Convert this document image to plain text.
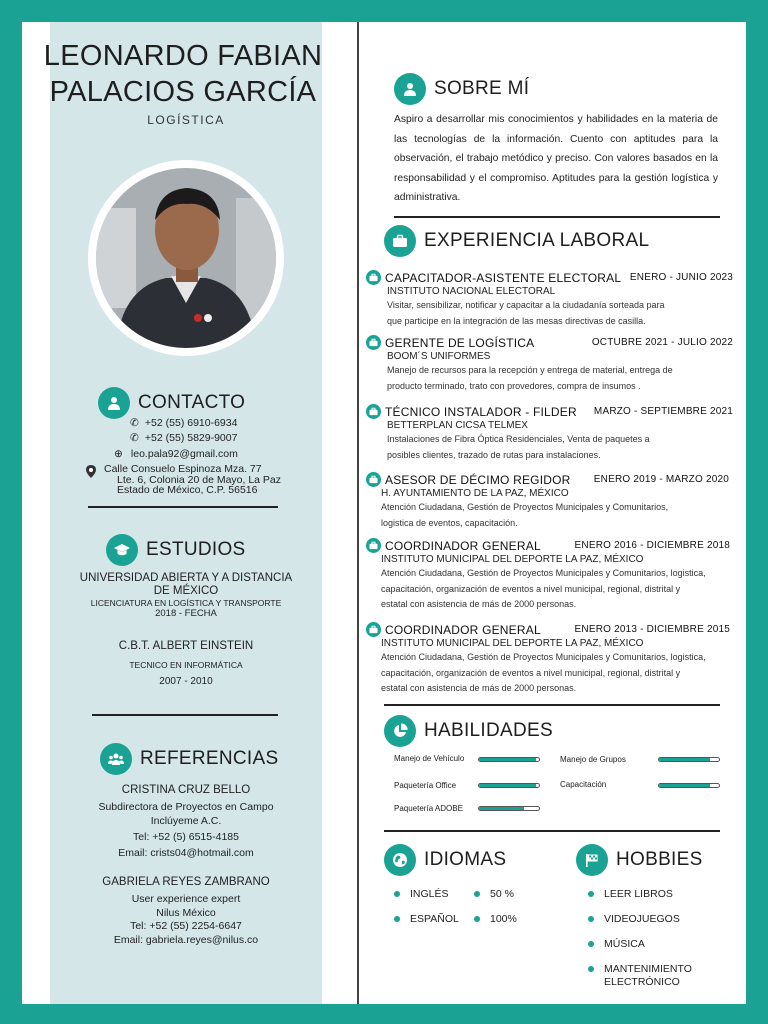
LEONARDO FABIAN
PALACIOS GARCÍA
LOGÍSTICA
CONTACTO
✆ +52 (55) 6910-6934
✆ +52 (55) 5829-9007
⊕ leo.pala92@gmail.com
Calle Consuelo Espinoza Mza. 77
Lte. 6, Colonia 20 de Mayo, La Paz
Estado de México, C.P. 56516
ESTUDIOS
UNIVERSIDAD ABIERTA Y A DISTANCIA
DE MÉXICO
LICENCIATURA EN LOGÍSTICA Y TRANSPORTE
2018 - FECHA
C.B.T. ALBERT EINSTEIN
TECNICO EN INFORMÁTICA
2007 - 2010
REFERENCIAS
CRISTINA CRUZ BELLO
Subdirectora de Proyectos en Campo
Inclúyeme A.C.
Tel: +52 (5) 6515-4185
Email: crists04@hotmail.com
GABRIELA REYES ZAMBRANO
User experience expert
Nilus México
Tel: +52 (55) 2254-6647
Email: gabriela.reyes@nilus.co
SOBRE MÍ
Aspiro a desarrollar mis conocimientos y habilidades en la materia de las tecnologías de la información. Cuento con aptitudes para la observación, el trabajo metódico y preciso. Con valores basados en la responsabilidad y el compromiso. Aptitudes para la gestión logística y administrativa.
EXPERIENCIA LABORAL
CAPACITADOR-ASISTENTE ELECTORAL ENERO - JUNIO 2023
INSTITUTO NACIONAL ELECTORAL
Visitar, sensibilizar, notificar y capacitar a la ciudadanía sorteada para
que participe en la integración de las mesas directivas de casilla.
GERENTE DE LOGÍSTICA	OCTUBRE 2021 - JULIO 2022
BOOM´S UNIFORMES
Manejo de recursos para la recepción y entrega de material, entrega de
producto terminado, trato con provedores, compra de insumos .
TÉCNICO INSTALADOR - FILDER MARZO - SEPTIEMBRE 2021
BETTERPLAN CICSA TELMEX
Instalaciones de Fibra Óptica Residenciales, Venta de paquetes a
posibles clientes, trazado de rutas para instalaciones.
ASESOR DE DÉCIMO REGIDOR ENERO 2019 - MARZO 2020
H. AYUNTAMIENTO DE LA PAZ, MÉXICO
Atención Ciudadana, Gestión de Proyectos Municipales y Comunitarios,
logistica de eventos, capacitación.
COORDINADOR GENERAL	ENERO 2016 - DICIEMBRE 2018
INSTITUTO MUNICIPAL DEL DEPORTE LA PAZ, MÉXICO
Atención Ciudadana, Gestión de Proyectos Municipales y Comunitarios, logistica,
capacitación, organización de eventos a nivel municipal, regional, distrital y
estatal con asistencia de más de 2000 personas.
COORDINADOR GENERAL	ENERO 2013 - DICIEMBRE 2015
INSTITUTO MUNICIPAL DEL DEPORTE LA PAZ, MÉXICO
Atención Ciudadana, Gestión de Proyectos Municipales y Comunitarios, logistica,
capacitación, organización de eventos a nivel municipal, regional, distrital y
estatal con asistencia de más de 2000 personas.
HABILIDADES
Manejo de Vehículo	Manejo de Grupos
Paquetería Office	Capacitación
Paquetería ADOBE
IDIOMAS
INGLÉS	50 %
ESPAÑOL	100%
HOBBIES
LEER LIBROS
VIDEOJUEGOS
MÚSICA
MANTENIMIENTO
ELECTRÓNICO
